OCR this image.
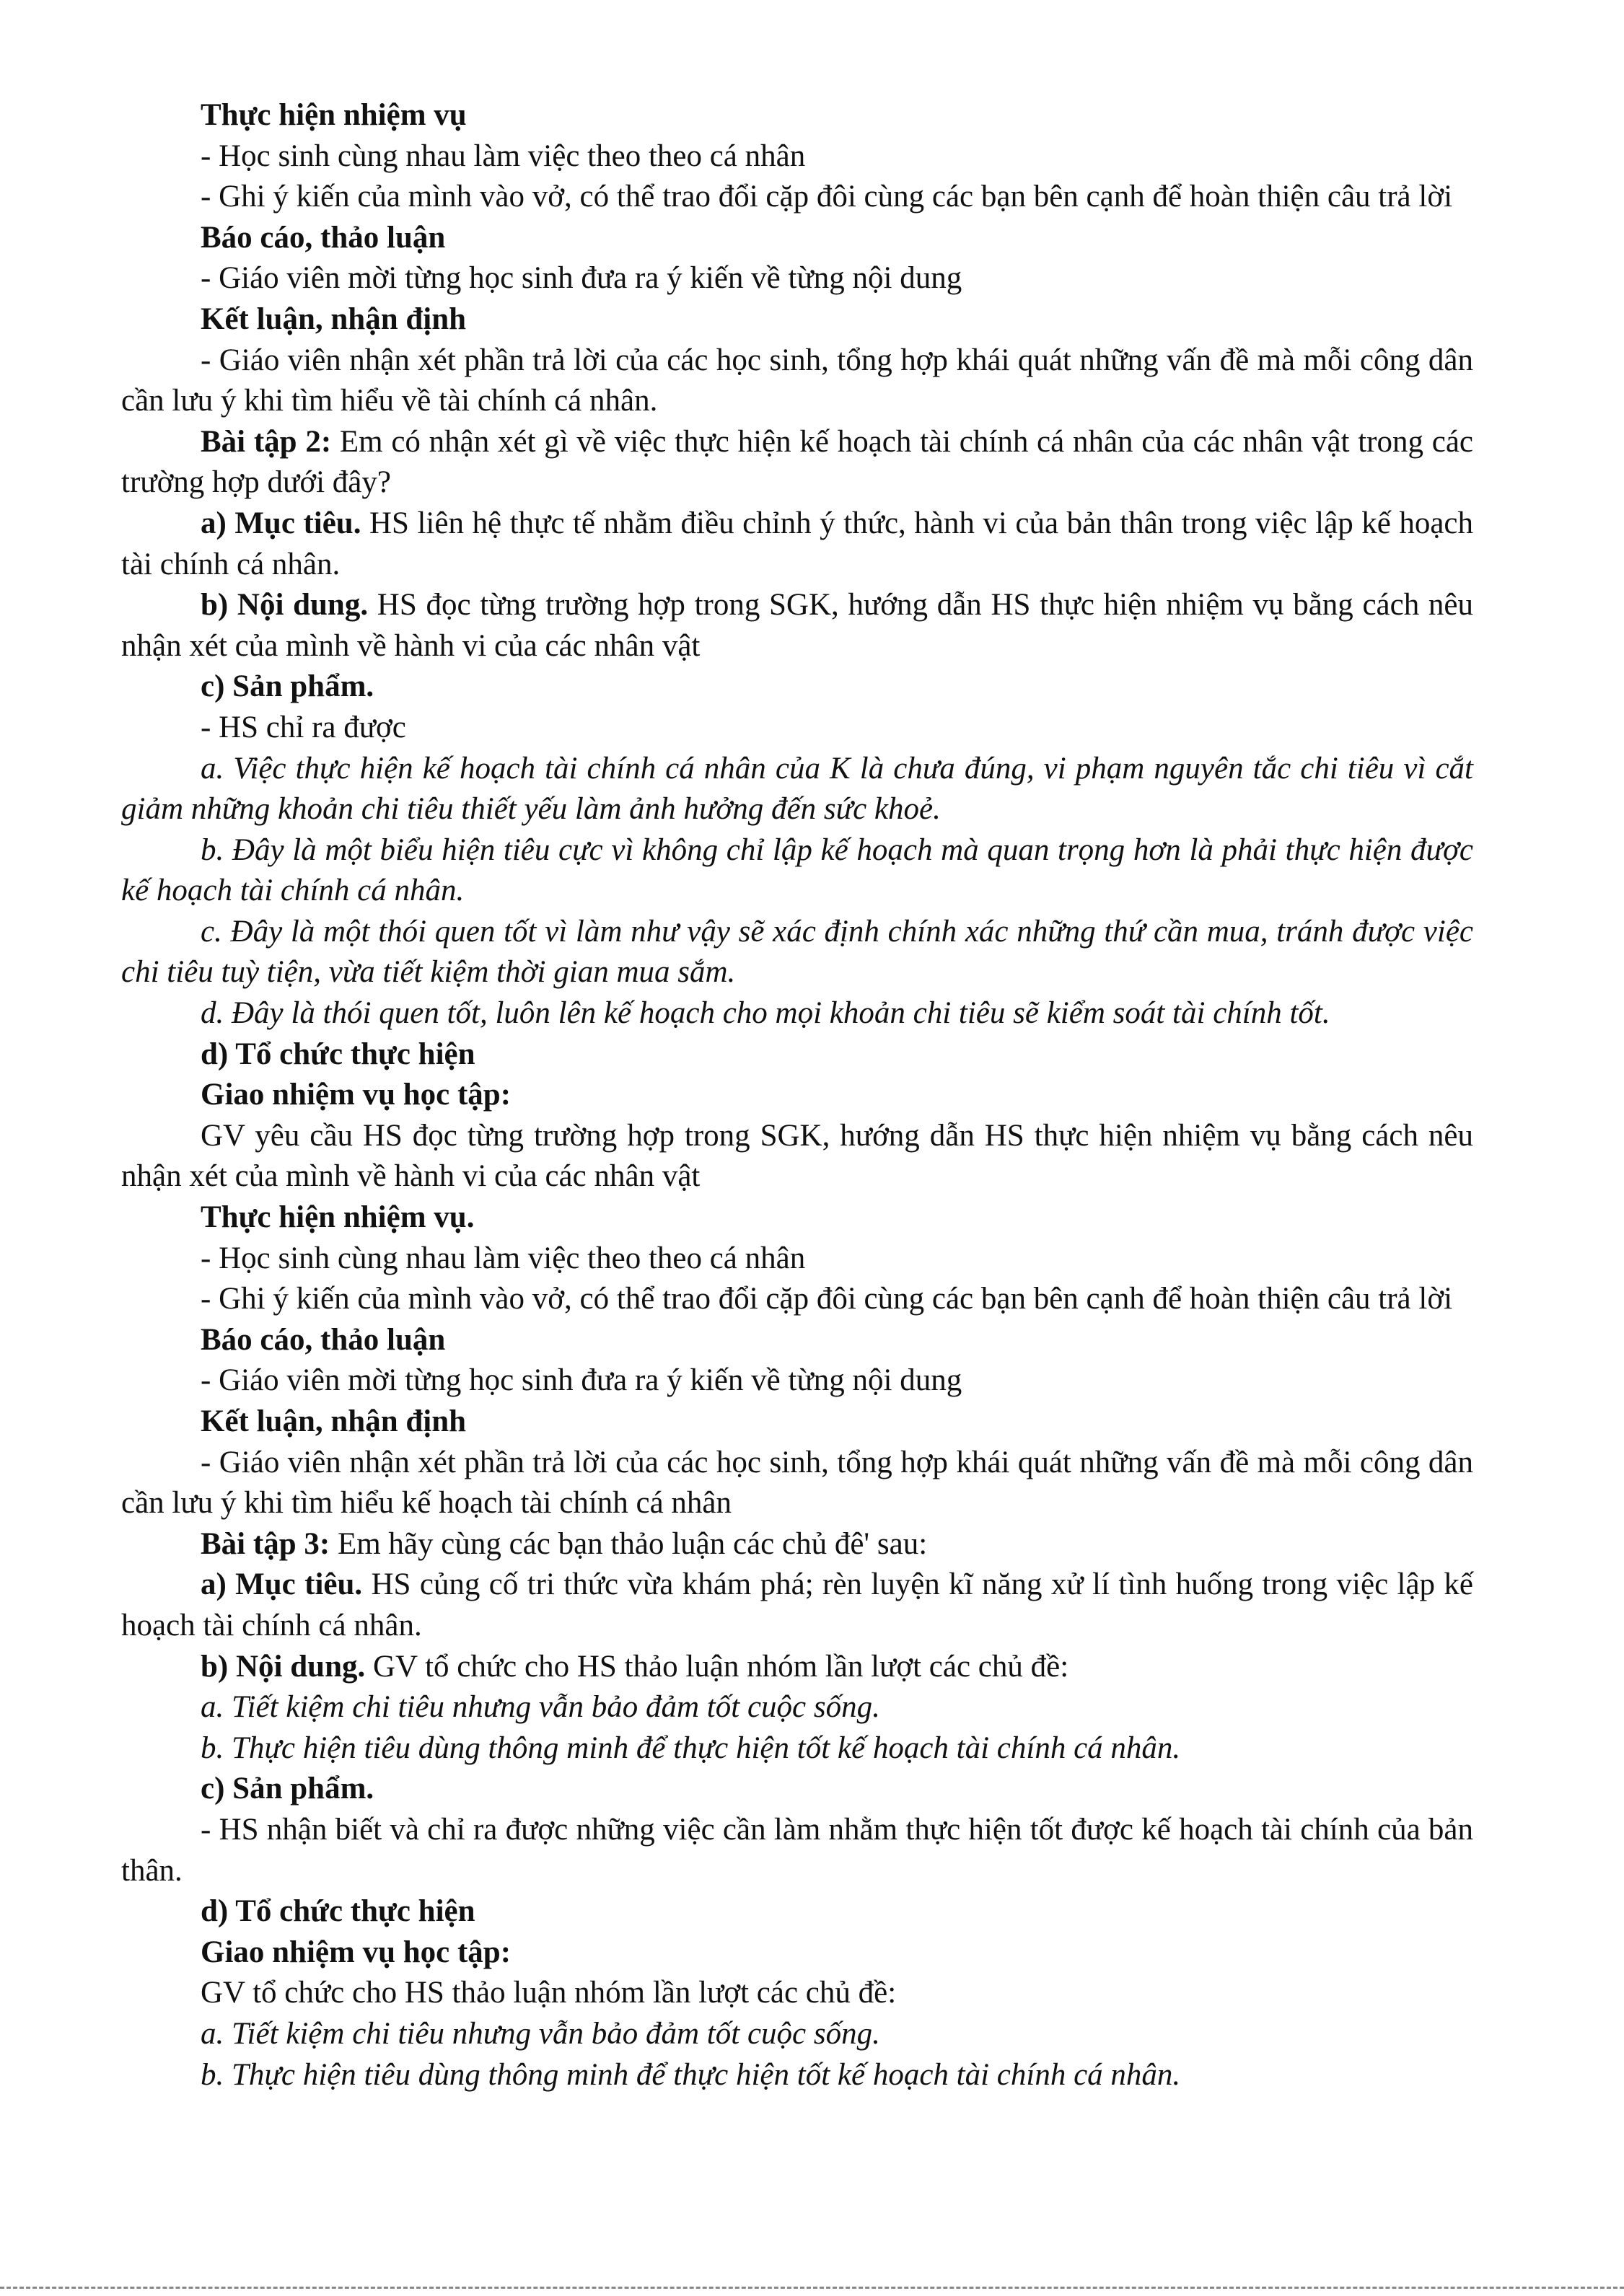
Thực hiện nhiệm vụ

- Học sinh cùng nhau làm việc theo theo cá nhân

- Ghi ý kiến của mình vào vở, có thể trao đổi cặp đôi cùng các bạn bên cạnh để hoàn thiện câu trả lời

Báo cáo, thảo luận

- Giáo viên mời từng học sinh đưa ra ý kiến về từng nội dung

Kết luận, nhận định

- Giáo viên nhận xét phần trả lời của các học sinh, tổng hợp khái quát những vấn đề mà mỗi công dân cần lưu ý khi tìm hiểu về tài chính cá nhân.

Bài tập 2: Em có nhận xét gì về việc thực hiện kế hoạch tài chính cá nhân của các nhân vật trong các trường hợp dưới đây?

a) Mục tiêu. HS liên hệ thực tế nhằm điều chỉnh ý thức, hành vi của bản thân trong việc lập kế hoạch tài chính cá nhân.

b) Nội dung. HS đọc từng trường hợp trong SGK, hướng dẫn HS thực hiện nhiệm vụ bằng cách nêu nhận xét của mình về hành vi của các nhân vật

c) Sản phẩm.

- HS chỉ ra được

a. Việc thực hiện kế hoạch tài chính cá nhân của K là chưa đúng, vi phạm nguyên tắc chi tiêu vì cắt giảm những khoản chi tiêu thiết yếu làm ảnh hưởng đến sức khoẻ.

b. Đây là một biểu hiện tiêu cực vì không chỉ lập kế hoạch mà quan trọng hơn là phải thực hiện được kế hoạch tài chính cá nhân.

c. Đây là một thói quen tốt vì làm như vậy sẽ xác định chính xác những thứ cần mua, tránh được việc chi tiêu tuỳ tiện, vừa tiết kiệm thời gian mua sắm.

d. Đây là thói quen tốt, luôn lên kế hoạch cho mọi khoản chi tiêu sẽ kiểm soát tài chính tốt.

d) Tổ chức thực hiện

Giao nhiệm vụ học tập:

GV yêu cầu HS đọc từng trường hợp trong SGK, hướng dẫn HS thực hiện nhiệm vụ bằng cách nêu nhận xét của mình về hành vi của các nhân vật

Thực hiện nhiệm vụ.

- Học sinh cùng nhau làm việc theo theo cá nhân

- Ghi ý kiến của mình vào vở, có thể trao đổi cặp đôi cùng các bạn bên cạnh để hoàn thiện câu trả lời

Báo cáo, thảo luận

- Giáo viên mời từng học sinh đưa ra ý kiến về từng nội dung

Kết luận, nhận định

- Giáo viên nhận xét phần trả lời của các học sinh, tổng hợp khái quát những vấn đề mà mỗi công dân cần lưu ý khi tìm hiểu kế hoạch tài chính cá nhân

Bài tập 3: Em hãy cùng các bạn thảo luận các chủ đê' sau:

a) Mục tiêu. HS củng cố tri thức vừa khám phá; rèn luyện kĩ năng xử lí tình huống trong việc lập kế hoạch tài chính cá nhân.

b) Nội dung. GV tổ chức cho HS thảo luận nhóm lần lượt các chủ đề:

a. Tiết kiệm chi tiêu nhưng vẫn bảo đảm tốt cuộc sống.

b. Thực hiện tiêu dùng thông minh để thực hiện tốt kế hoạch tài chính cá nhân.

c) Sản phẩm.

- HS nhận biết và chỉ ra được những việc cần làm nhằm thực hiện tốt được kế hoạch tài chính của bản thân.

d) Tổ chức thực hiện

Giao nhiệm vụ học tập:

GV tổ chức cho HS thảo luận nhóm lần lượt các chủ đề:

a. Tiết kiệm chi tiêu nhưng vẫn bảo đảm tốt cuộc sống.

b. Thực hiện tiêu dùng thông minh để thực hiện tốt kế hoạch tài chính cá nhân.
